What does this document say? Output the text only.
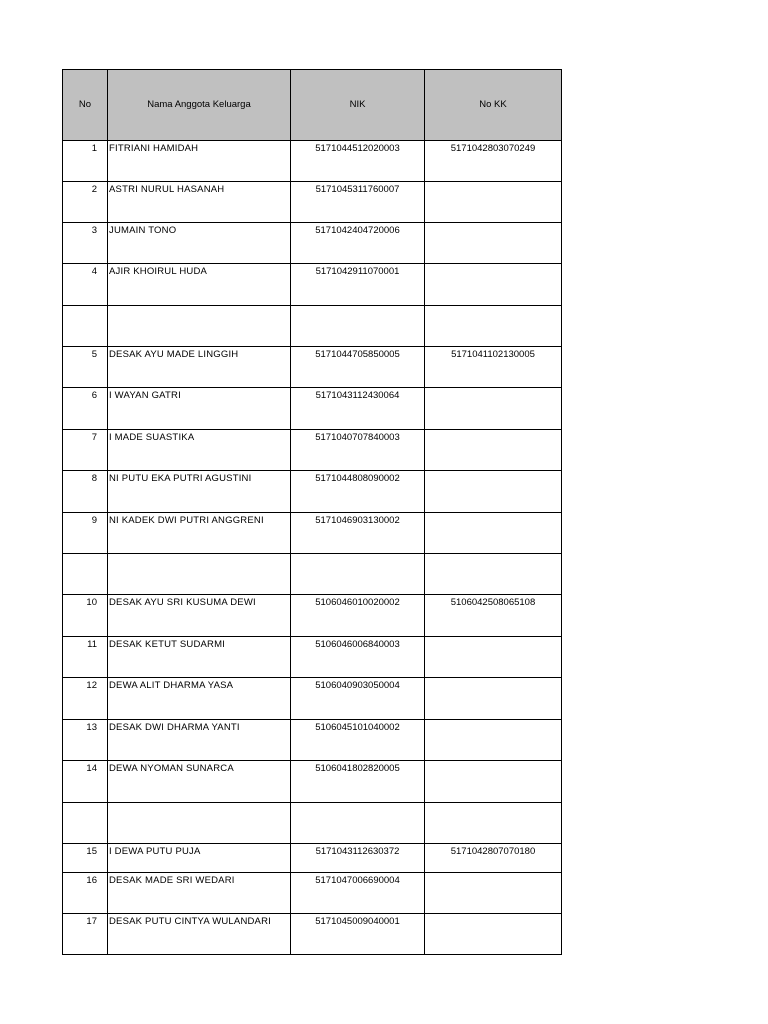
No	Nama Anggota Keluarga	NIK	No KK
1	FITRIANI HAMIDAH	5171044512020003	5171042803070249
2	ASTRI NURUL HASANAH	5171045311760007	
3	JUMAIN TONO	5171042404720006	
4	AJIR KHOIRUL HUDA	5171042911070001	

5	DESAK AYU MADE LINGGIH	5171044705850005	5171041102130005
6	I WAYAN GATRI	5171043112430064	
7	I MADE SUASTIKA	5171040707840003	
8	NI PUTU EKA PUTRI AGUSTINI	5171044808090002	
9	NI KADEK DWI PUTRI ANGGRENI	5171046903130002	

10	DESAK AYU SRI KUSUMA DEWI	5106046010020002	5106042508065108
11	DESAK KETUT SUDARMI	5106046006840003	
12	DEWA ALIT DHARMA YASA	5106040903050004	
13	DESAK DWI DHARMA YANTI	5106045101040002	
14	DEWA NYOMAN SUNARCA	5106041802820005	

15	I DEWA PUTU PUJA	5171043112630372	5171042807070180
16	DESAK MADE SRI WEDARI	5171047006690004	
17	DESAK PUTU CINTYA WULANDARI	5171045009040001	
